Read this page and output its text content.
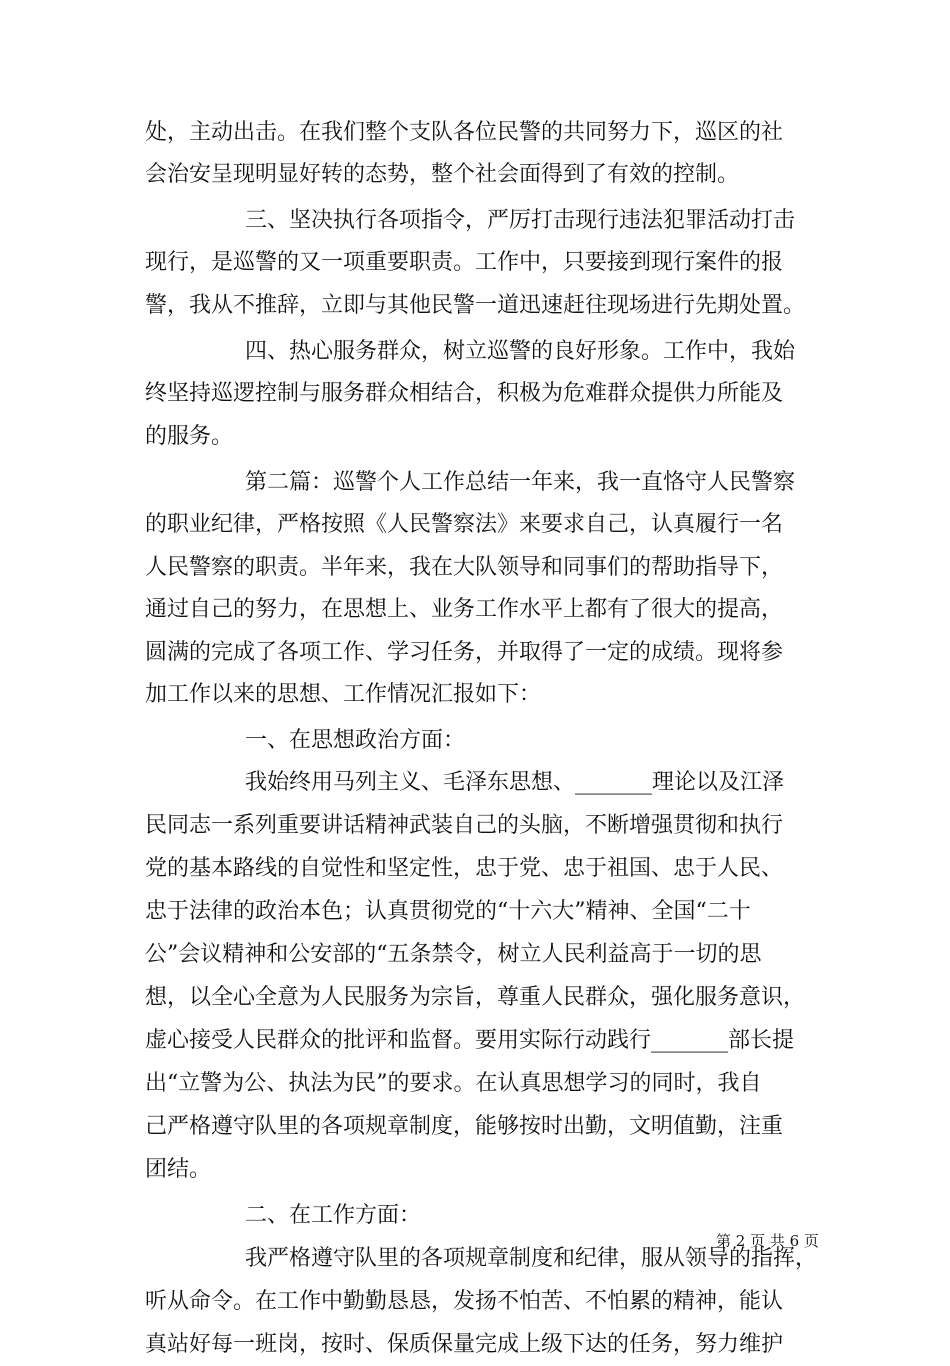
处，主动出击。在我们整个支队各位民警的共同努力下，巡区的社
会治安呈现明显好转的态势，整个社会面得到了有效的控制。
三、坚决执行各项指令，严厉打击现行违法犯罪活动打击
现行，是巡警的又一项重要职责。工作中，只要接到现行案件的报
警，我从不推辞，立即与其他民警一道迅速赶往现场进行先期处置。
四、热心服务群众，树立巡警的良好形象。工作中，我始
终坚持巡逻控制与服务群众相结合，积极为危难群众提供力所能及
的服务。
第二篇：巡警个人工作总结一年来，我一直恪守人民警察
的职业纪律，严格按照《人民警察法》来要求自己，认真履行一名
人民警察的职责。半年来，我在大队领导和同事们的帮助指导下，
通过自己的努力，在思想上、业务工作水平上都有了很大的提高，
圆满的完成了各项工作、学习任务，并取得了一定的成绩。现将参
加工作以来的思想、工作情况汇报如下：
一、在思想政治方面：
我始终用马列主义、毛泽东思想、_______理论以及江泽
民同志一系列重要讲话精神武装自己的头脑，不断增强贯彻和执行
党的基本路线的自觉性和坚定性，忠于党、忠于祖国、忠于人民、
忠于法律的政治本色；认真贯彻党的“十六大”精神、全国“二十
公”会议精神和公安部的“五条禁令，树立人民利益高于一切的思
想，以全心全意为人民服务为宗旨，尊重人民群众，强化服务意识，
虚心接受人民群众的批评和监督。要用实际行动践行_______部长提
出“立警为公、执法为民”的要求。在认真思想学习的同时，我自
己严格遵守队里的各项规章制度，能够按时出勤，文明值勤，注重
团结。
二、在工作方面：
我严格遵守队里的各项规章制度和纪律，服从领导的指挥，
听从命令。在工作中勤勤恳恳，发扬不怕苦、不怕累的精神，能认
真站好每一班岗，按时、保质保量完成上级下达的任务，努力维护
第 2 页 共 6 页
